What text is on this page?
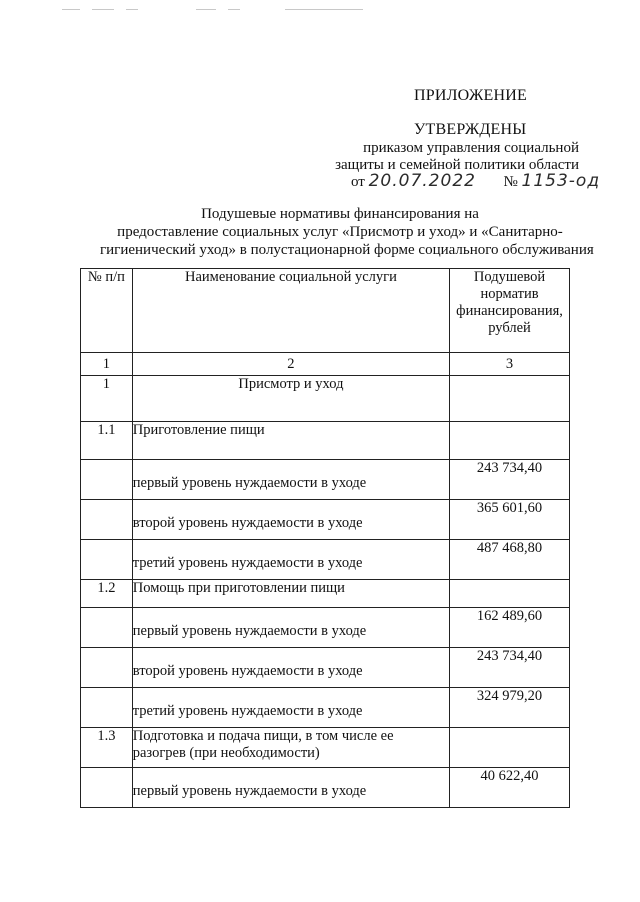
ПРИЛОЖЕНИЕ
УТВЕРЖДЕНЫ
приказом управления социальной
защиты и семейной политики области
от 20.07.2022 № 1153-од
Подушевые нормативы финансирования на
предоставление социальных услуг «Присмотр и уход» и «Санитарно-
гигиенический уход» в полустационарной форме социального обслуживания
№ п/п	Наименование социальной услуги	Подушевой норматив финансирования, рублей
1	2	3
1	Присмотр и уход	
1.1	Приготовление пищи	
	первый уровень нуждаемости в уходе	243 734,40
	второй уровень нуждаемости в уходе	365 601,60
	третий уровень нуждаемости в уходе	487 468,80
1.2	Помощь при приготовлении пищи	
	первый уровень нуждаемости в уходе	162 489,60
	второй уровень нуждаемости в уходе	243 734,40
	третий уровень нуждаемости в уходе	324 979,20
1.3	Подготовка и подача пищи, в том числе ее разогрев (при необходимости)	
	первый уровень нуждаемости в уходе	40 622,40
